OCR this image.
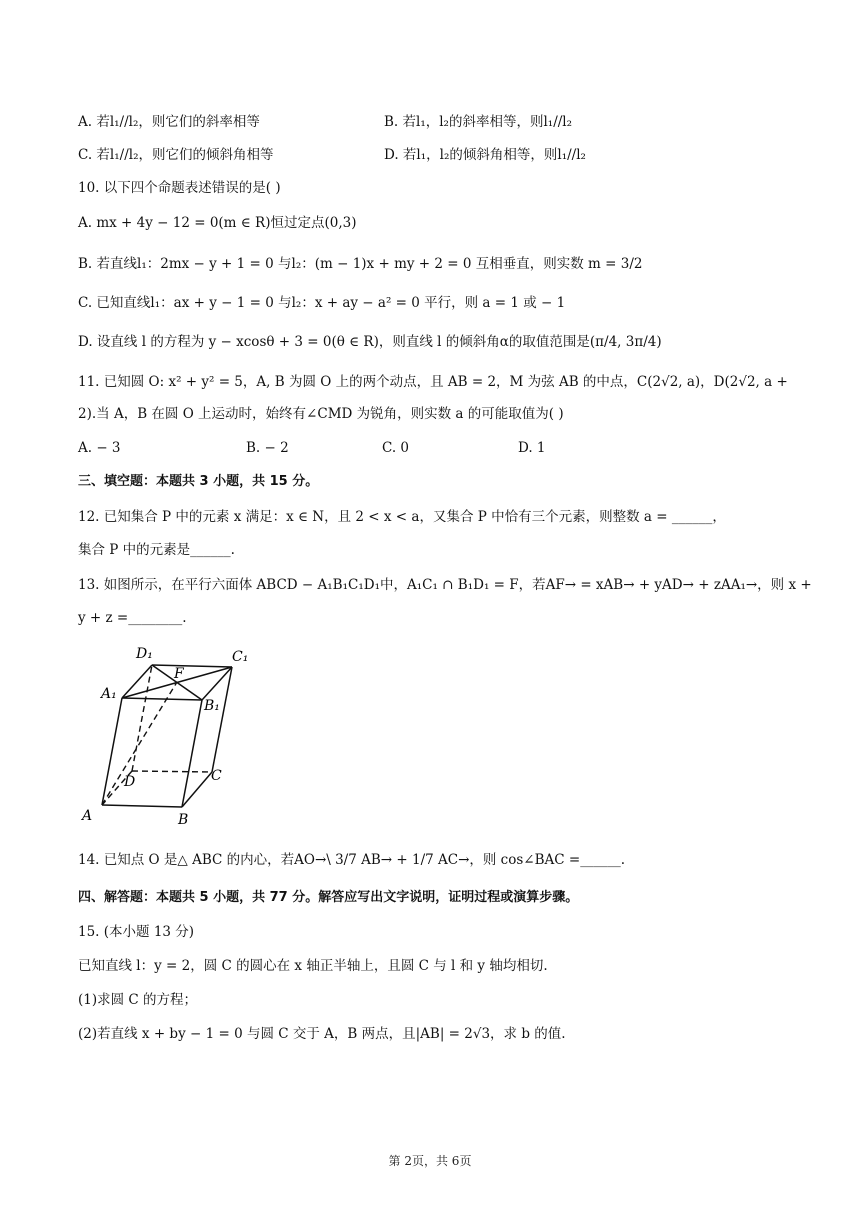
A. 若l₁//l₂，则它们的斜率相等	B. 若l₁，l₂的斜率相等，则l₁//l₂
C. 若l₁//l₂，则它们的倾斜角相等	D. 若l₁，l₂的倾斜角相等，则l₁//l₂
10. 以下四个命题表述错误的是( )
A. mx + 4y − 12 = 0(m ∈ R)恒过定点(0,3)
B. 若直线l₁：2mx − y + 1 = 0 与l₂：(m − 1)x + my + 2 = 0 互相垂直，则实数 m = 3/2
C. 已知直线l₁：ax + y − 1 = 0 与l₂：x + ay − a² = 0 平行，则 a = 1 或 − 1
D. 设直线 l 的方程为 y − xcosθ + 3 = 0(θ ∈ R)，则直线 l 的倾斜角α的取值范围是(π/4, 3π/4)
11. 已知圆 O: x² + y² = 5，A, B 为圆 O 上的两个动点，且 AB = 2，M 为弦 AB 的中点，C(2√2, a)，D(2√2, a +
2).当 A，B 在圆 O 上运动时，始终有∠CMD 为锐角，则实数 a 的可能取值为( )
A. − 3	B. − 2	C. 0	D. 1
三、填空题：本题共 3 小题，共 15 分。
12. 已知集合 P 中的元素 x 满足：x ∈ N，且 2 < x < a，又集合 P 中恰有三个元素，则整数 a = ______，
集合 P 中的元素是______.
13. 如图所示，在平行六面体 ABCD − A₁B₁C₁D₁中，A₁C₁ ∩ B₁D₁ = F，若AF→ = xAB→ + yAD→ + zAA₁→，则 x +
y + z =________.
D₁	C₁
F
A₁
B₁
D	C
A	B
14. 已知点 O 是△ ABC 的内心，若AO→\ 3/7 AB→ + 1/7 AC→，则 cos∠BAC =______.
四、解答题：本题共 5 小题，共 77 分。解答应写出文字说明，证明过程或演算步骤。
15. (本小题 13 分)
已知直线 l：y = 2，圆 C 的圆心在 x 轴正半轴上，且圆 C 与 l 和 y 轴均相切.
(1)求圆 C 的方程；
(2)若直线 x + by − 1 = 0 与圆 C 交于 A，B 两点，且|AB| = 2√3，求 b 的值.
第 2页，共 6页
